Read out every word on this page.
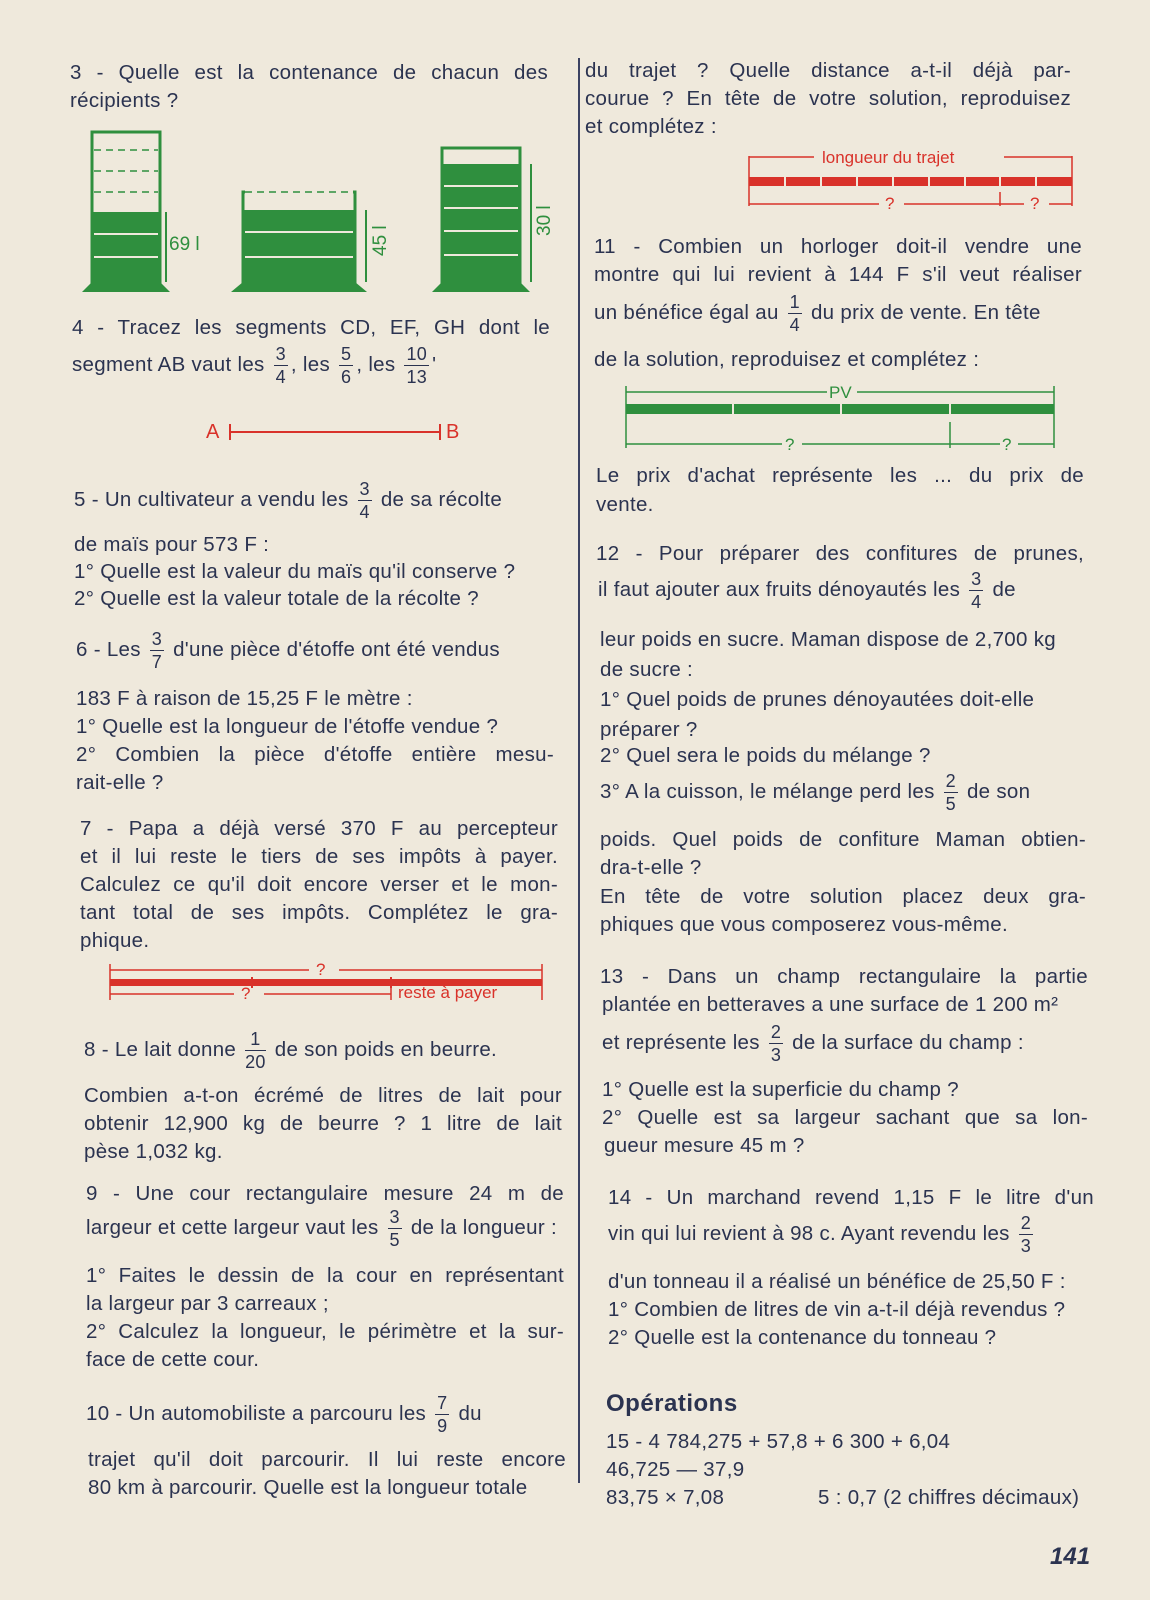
3 - Quelle est la contenance de chacun des
récipients ?
69 l	45 l
30 l
4 - Tracez les segments CD, EF, GH dont le
segment AB vaut les $\frac{3}{4}$ , les $\frac{5}{6}$ , les $\frac{10}{13}$ '
A	B
5 - Un cultivateur a vendu les $\frac{3}{4}$ de sa récolte
de maïs pour 573 F :
1° Quelle est la valeur du maïs qu'il conserve ?
2° Quelle est la valeur totale de la récolte ?
6 - Les $\frac{3}{7} d'une$ pièce d'étoffe ont été vendus
183 F à raison de 15,25 F le mètre :
1° Quelle est la longueur de l'étoffe vendue ?
2° Combien la pièce d'étoffe entière mesu-
rait-elle ?
7 - Papa a déjà versé 370 F au percepteur
et il lui reste le tiers de ses impôts à payer.
Calculez ce qu'il doit encore verser et le mon-
tant total de ses impôts. Complétez le gra-
phique.
?
?	reste à payer
8 - Le lait donne $\frac{1}{20}$ de son poids en beurre.
Combien a-t-on écrémé de litres de lait pour
obtenir 12,900 kg de beurre ? 1 litre de lait
pèse 1,032 kg.
9 - Une cour rectangulaire mesure 24 m de
largeur et cette largeur vaut les $\frac{3}{5}$ de la longueur :
1° Faites le dessin de la cour en représentant
la largeur par 3 carreaux ;
2° Calculez la longueur, le périmètre et la sur-
face de cette cour.
10 - Un automobiliste a parcouru les $\frac{7}{9}$ du
trajet qu'il doit parcourir. Il lui reste encore
80 km à parcourir. Quelle est la longueur totale
du trajet ? Quelle distance a-t-il déjà par-
courue ? En tête de votre solution, reproduisez
et complétez :
longueur du trajet
?	?
11 - Combien un horloger doit-il vendre une
montre qui lui revient à 144 F s'il veut réaliser
un bénéfice égal au $\frac{1}{4}$ du prix de vente. En tête
de la solution, reproduisez et complétez :
PV
?	?
Le prix d'achat représente les ... du prix de
vente.
12 - Pour préparer des confitures de prunes,
il faut ajouter aux fruits dénoyautés les $\frac{3}{4}$ de
leur poids en sucre. Maman dispose de 2,700 kg
de sucre :
1° Quel poids de prunes dénoyautées doit-elle
préparer ?
2° Quel sera le poids du mélange ?
3° A la cuisson, le mélange perd les $\frac{2}{5}$ de son
poids. Quel poids de confiture Maman obtien-
dra-t-elle ?
En tête de votre solution placez deux gra-
phiques que vous composerez vous-même.
13 - Dans un champ rectangulaire la partie
plantée en betteraves a une surface de 1 200 m²
et représente les $\frac{2}{3}$ de la surface du champ :
1° Quelle est la superficie du champ ?
2° Quelle est sa largeur sachant que sa lon-
gueur mesure 45 m ?
14 - Un marchand revend 1,15 F le litre d'un
vin qui lui revient à 98 c. Ayant revendu les $\frac{2}{3}$
d'un tonneau il a réalisé un bénéfice de 25,50 F :
1° Combien de litres de vin a-t-il déjà revendus ?
2° Quelle est la contenance du tonneau ?
Opérations
15 - 4 784,275 + 57,8 + 6 300 + 6,04
46,725 — 37,9
83,75 × 7,08	5 : 0,7 (2 chiffres décimaux)
141
